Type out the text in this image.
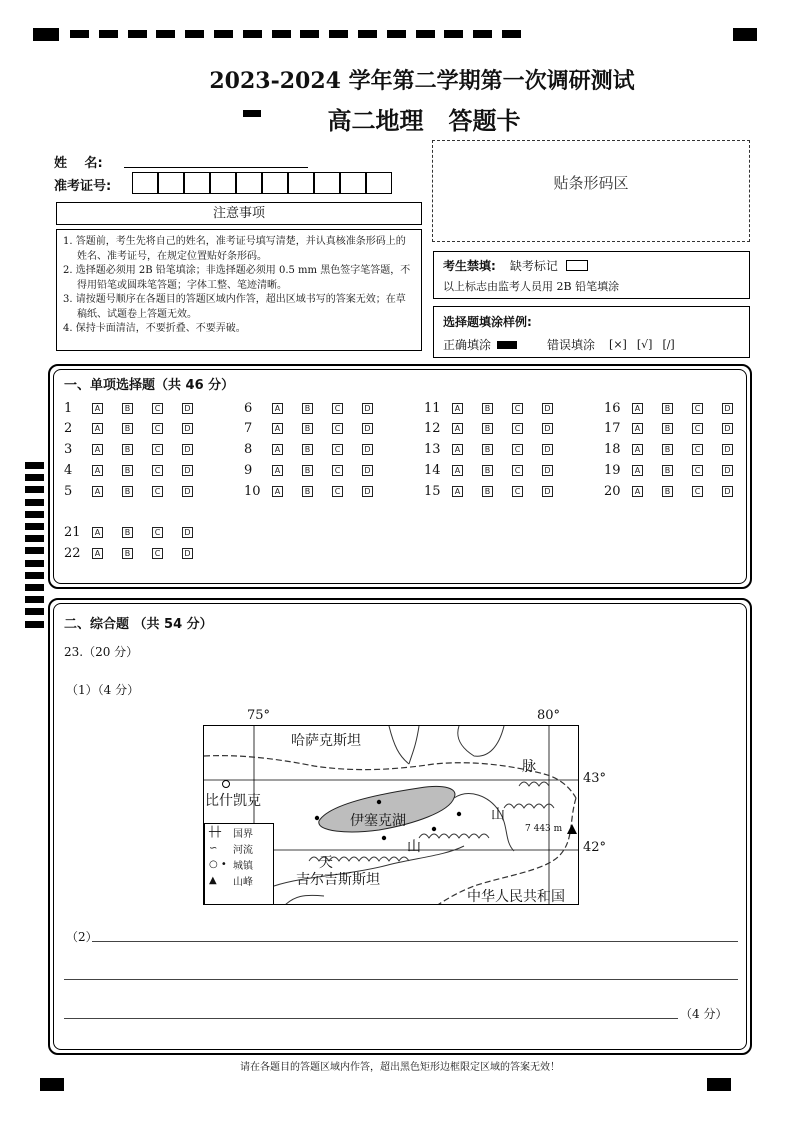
2023-2024 学年第二学期第一次调研测试
高二地理   答题卡
姓　 名:
准考证号:	贴条形码区
注意事项
1. 答题前，考生先将自己的姓名，准考证号填写清楚，并认真核准条形码上的姓名、准考证号，在规定位置贴好条形码。
2. 选择题必须用 2B 铅笔填涂；非选择题必须用 0.5 mm 黑色签字笔答题，不得用铅笔或圆珠笔答题；字体工整、笔迹清晰。
3. 请按题号顺序在各题目的答题区域内作答，超出区域书写的答案无效；在草稿纸、试题卷上答题无效。
4. 保持卡面清洁，不要折叠、不要弄破。
考生禁填: 缺考标记
以上标志由监考人员用 2B 铅笔填涂
选择题填涂样例:
正确填涂	错误填涂 [×] [√] [/]
一、单项选择题（共 46 分）
1	A	B	C	D
2	A	B	C	D
3	A	B	C	D
4	A	B	C	D
5	A	B	C	D
6	A	B	C	D
7	A	B	C	D
8	A	B	C	D
9	A	B	C	D
10	A	B	C	D
11	A	B	C	D
12	A	B	C	D
13	A	B	C	D
14	A	B	C	D
15	A	B	C	D
16	A	B	C	D
17	A	B	C	D
18	A	B	C	D
19	A	B	C	D
20	A	B	C	D
21	A	B	C	D
22	A	B	C	D
二、综合题 （共 54 分）
23.（20 分）
（1）（4 分）
75°	80°
43°
42°
哈萨克斯坦
比什凯克
伊塞克湖
脉
山
山
天
吉尔吉斯斯坦
中华人民共和国
7 443 m
┼┼	国界
∽	河流
○ • 城镇
▲	山峰
（2）
（4 分）
请在各题目的答题区域内作答，超出黑色矩形边框限定区域的答案无效！
